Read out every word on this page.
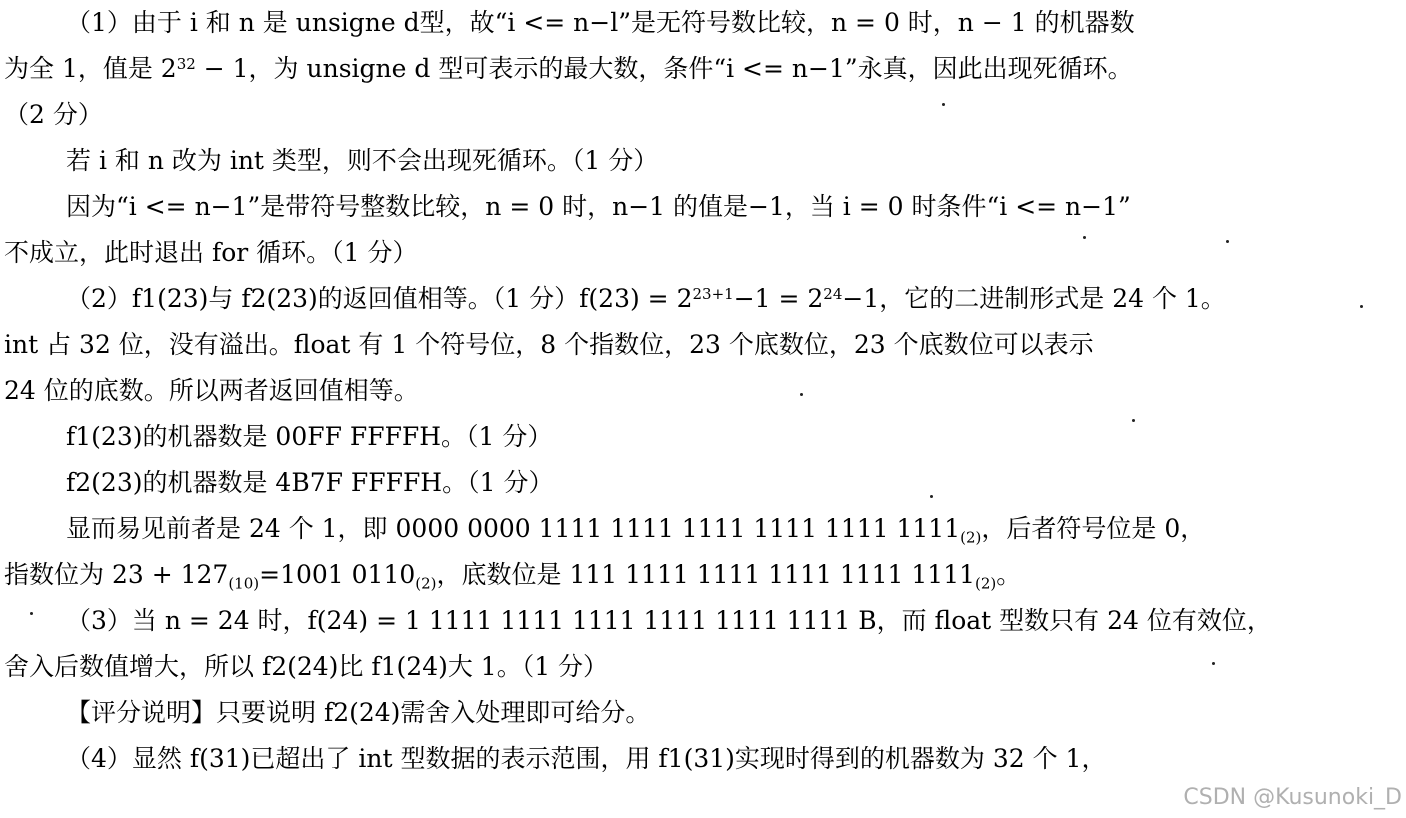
（1）由于 i 和 n 是 unsigne d型，故“i <= n−l”是无符号数比较，n = 0 时，n − 1 的机器数
为全 1，值是 $2^{32} - 1$，为 unsigne d 型可表示的最大数，条件“i <= n−1”永真，因此出现死循环。
（2 分）
若 i 和 n 改为 int 类型，则不会出现死循环。（1 分）
因为“i <= n−1”是带符号整数比较，n = 0 时，n−1 的值是−1，当 i = 0 时条件“i <= n−1”
不成立，此时退出 for 循环。（1 分）
（2）f1(23)与 f2(23)的返回值相等。（1 分）$f(23) = 2^{23+1}-1 = 2^{24}-1$，它的二进制形式是 24 个 1。
int 占 32 位，没有溢出。float 有 1 个符号位，8 个指数位，23 个底数位，23 个底数位可以表示
24 位的底数。所以两者返回值相等。
f1(23)的机器数是 00FF FFFFH。（1 分）
f2(23)的机器数是 4B7F FFFFH。（1 分）
显而易见前者是 24 个 1，即 0000 0000 1111 1111 1111 1111 1111 $1111_{(2)}$，后者符号位是 0，
指数位为 $23 + 127_{(10)}=1001$ $0110_{(2)}$，底数位是 111 1111 1111 1111 1111 $1111_{(2)}$。
（3）当 n = 24 时，f(24) = 1 1111 1111 1111 1111 1111 1111 B，而 float 型数只有 24 位有效位，
舍入后数值增大，所以 f2(24)比 f1(24)大 1。（1 分）
【评分说明】只要说明 f2(24)需舍入处理即可给分。
（4）显然 f(31)已超出了 int 型数据的表示范围，用 f1(31)实现时得到的机器数为 32 个 1，
CSDN @Kusunoki_D
